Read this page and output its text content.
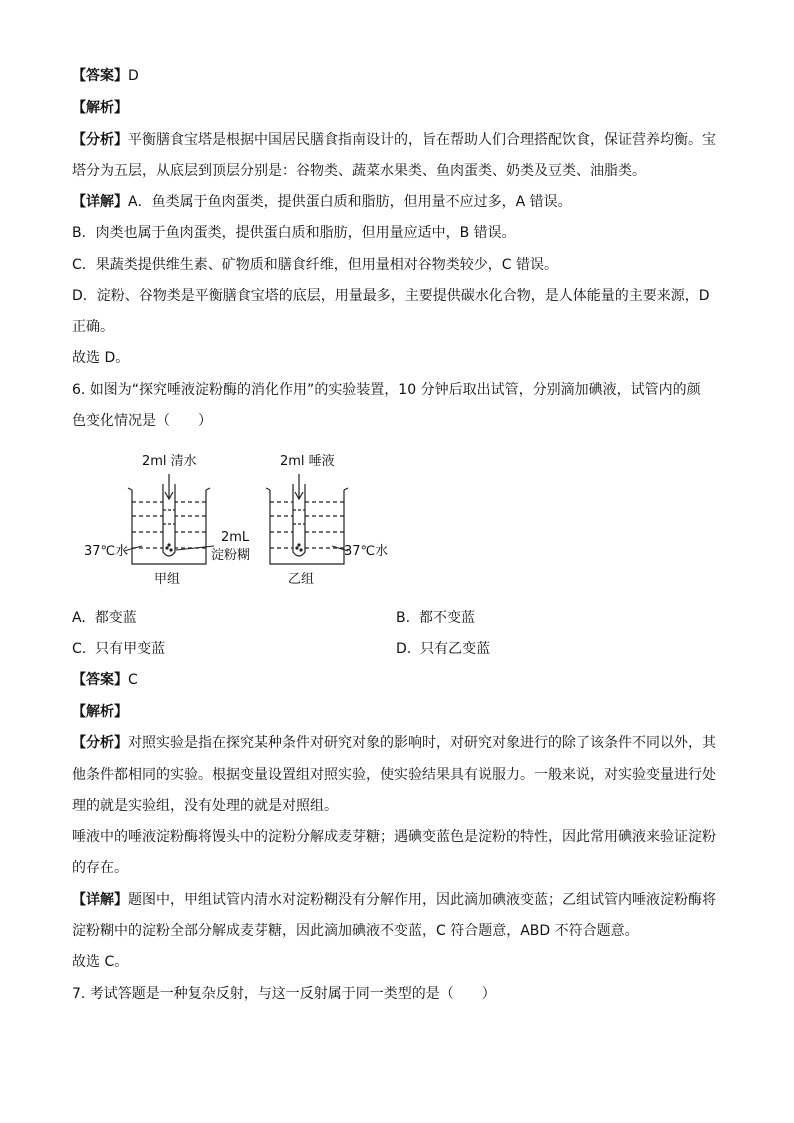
【答案】D
【解析】
【分析】平衡膳食宝塔是根据中国居民膳食指南设计的，旨在帮助人们合理搭配饮食，保证营养均衡。宝
塔分为五层，从底层到顶层分别是：谷物类、蔬菜水果类、鱼肉蛋类、奶类及豆类、油脂类。
【详解】A．鱼类属于鱼肉蛋类，提供蛋白质和脂肪，但用量不应过多，A 错误。
B．肉类也属于鱼肉蛋类，提供蛋白质和脂肪，但用量应适中，B 错误。
C．果蔬类提供维生素、矿物质和膳食纤维，但用量相对谷物类较少，C 错误。
D．淀粉、谷物类是平衡膳食宝塔的底层，用量最多，主要提供碳水化合物，是人体能量的主要来源，D
正确。
故选 D。
6. 如图为“探究唾液淀粉酶的消化作用”的实验装置，10 分钟后取出试管，分别滴加碘液，试管内的颜
色变化情况是（　　）
2ml 清水	2ml 唾液
37℃水	37℃水
2mL
淀粉糊
甲组	乙组
A. 都变蓝	B. 都不变蓝
C. 只有甲变蓝	D. 只有乙变蓝
【答案】C
【解析】
【分析】对照实验是指在探究某种条件对研究对象的影响时，对研究对象进行的除了该条件不同以外，其
他条件都相同的实验。根据变量设置组对照实验，使实验结果具有说服力。一般来说，对实验变量进行处
理的就是实验组，没有处理的就是对照组。
唾液中的唾液淀粉酶将馒头中的淀粉分解成麦芽糖；遇碘变蓝色是淀粉的特性，因此常用碘液来验证淀粉
的存在。
【详解】题图中，甲组试管内清水对淀粉糊没有分解作用，因此滴加碘液变蓝；乙组试管内唾液淀粉酶将
淀粉糊中的淀粉全部分解成麦芽糖，因此滴加碘液不变蓝，C 符合题意，ABD 不符合题意。
故选 C。
7. 考试答题是一种复杂反射，与这一反射属于同一类型的是（　　）
